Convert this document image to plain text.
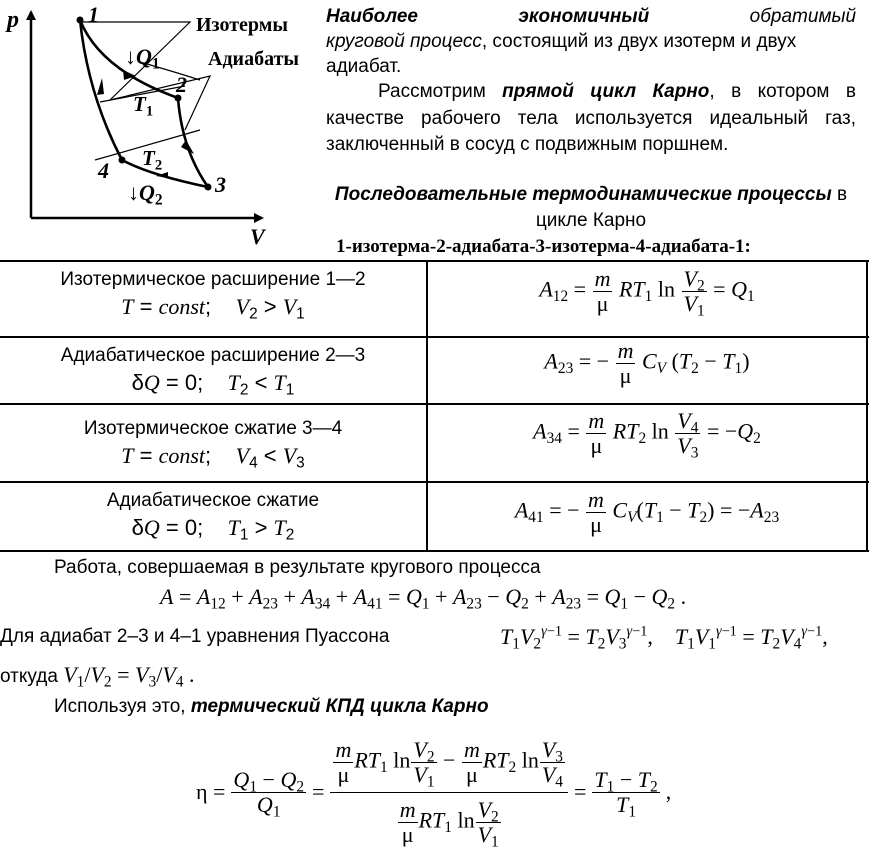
p
V
1
2
3
4
Изотермы
Адиабаты
$↓Q_1$
$↓Q_2$
$T_1$
$T_2$
Наиболее экономичный	обратимый
круговой процесс, состоящий из двух изотерм и двух адиабат.
Рассмотрим прямой цикл Карно, в котором в качестве рабочего тела используется идеальный газ, заключенный в сосуд с подвижным поршнем.
Последовательные термодинамические процессы в цикле Карно
1-изотерма-2-адиабата-3-изотерма-4-адиабата-1:
Изотермическое расширение 1—2
T = const;    $V_2 > V_1$
$A_{12} = \frac{m}{\mu} RT_1$ $\ln \frac{V_2}{V_1} = Q_1$
Адиабатическое расширение 2—3
δQ = 0;    $T_2 < T_1$
$A_{23}$ = − $\frac{m}{\mu} C_V$ $(T_2 - T_1)$
Изотермическое сжатие 3—4
T = const;    $V_4 < V_3$
$A_{34} = \frac{m}{\mu} RT_2$ $\ln \frac{V_4}{V_3} = -Q_2$
Адиабатическое сжатие
δQ = 0;    $T_1 > T_2$
$A_{41}$ = − $\frac{m}{\mu} C_V(T_1 - T_2) = -A_{23}$
Работа, совершаемая в результате кругового процесса
$A = A_{12} + A_{23} + A_{34} + A_{41} = Q_1 + A_{23} - Q_2 + A_{23} = Q_1 - Q_2$ .
Для адиабат 2–3 и 4–1 уравнения Пуассона	$T_1V_2^{\gamma-1} = T_2V_3^{\gamma-1}$,    $T_1V_1^{\gamma-1} = T_2V_4^{\gamma-1}$,
откуда $V_1/V_2 = V_3/V_4$ .
Используя это, термический КПД цикла Карно
$\eta = \frac{Q_1 - Q_2}{Q_1} = \frac{\frac{m}{\mu} RT_1 \ln \frac{V_2}{V_1} - \frac{m}{\mu} RT_2 \ln \frac{V_3}{V_4}}{\frac{m}{\mu} RT_1 \ln \frac{V_2}{V_1}} = \frac{T_1 - T_2}{T_1}$ ,
